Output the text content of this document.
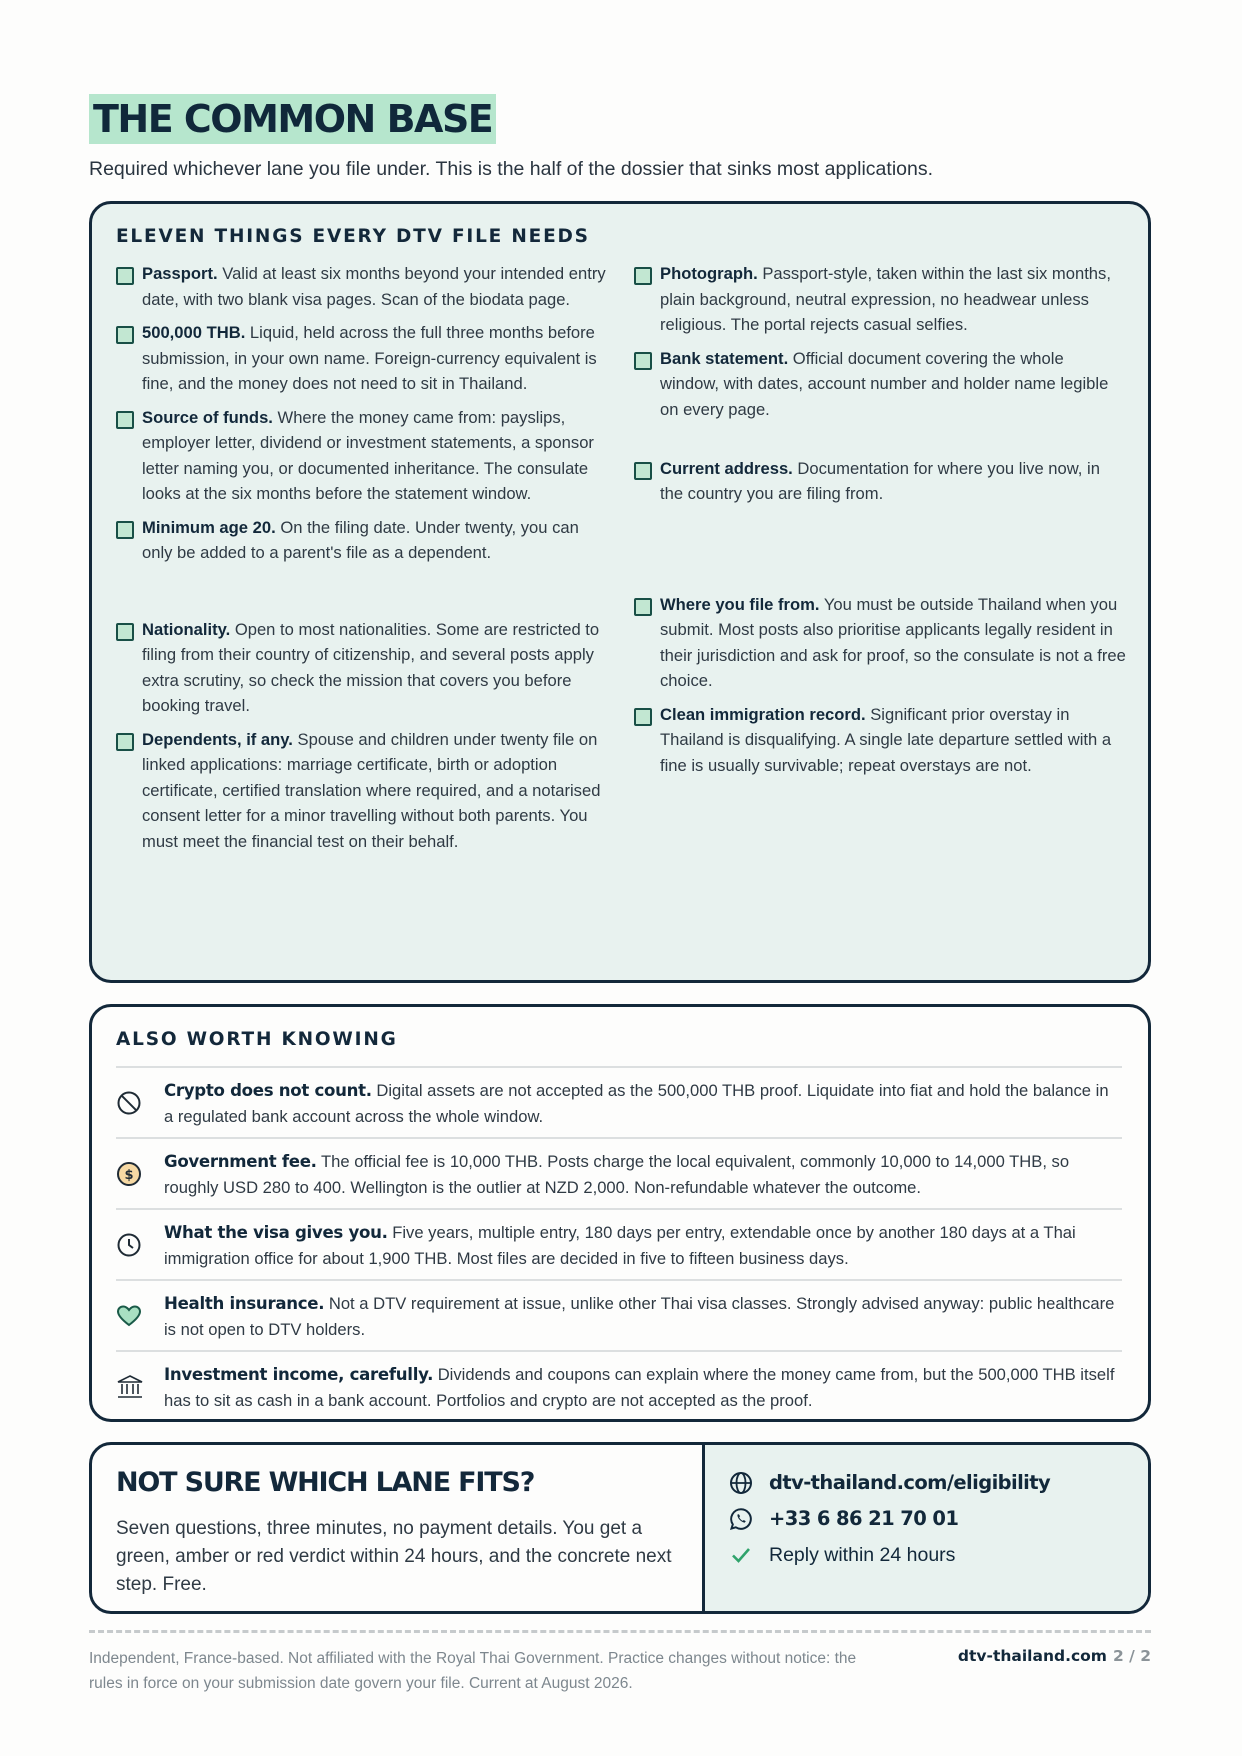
THE COMMON BASE
Required whichever lane you file under. This is the half of the dossier that sinks most applications.
ELEVEN THINGS EVERY DTV FILE NEEDS
Passport. Valid at least six months beyond your intended entry date, with two blank visa pages. Scan of the biodata page.
500,000 THB. Liquid, held across the full three months before submission, in your own name. Foreign-currency equivalent is fine, and the money does not need to sit in Thailand.
Source of funds. Where the money came from: payslips, employer letter, dividend or investment statements, a sponsor letter naming you, or documented inheritance. The consulate looks at the six months before the statement window.
Minimum age 20. On the filing date. Under twenty, you can only be added to a parent's file as a dependent.
Nationality. Open to most nationalities. Some are restricted to filing from their country of citizenship, and several posts apply extra scrutiny, so check the mission that covers you before booking travel.
Dependents, if any. Spouse and children under twenty file on linked applications: marriage certificate, birth or adoption certificate, certified translation where required, and a notarised consent letter for a minor travelling without both parents. You must meet the financial test on their behalf.
Photograph. Passport-style, taken within the last six months, plain background, neutral expression, no headwear unless religious. The portal rejects casual selfies.
Bank statement. Official document covering the whole window, with dates, account number and holder name legible on every page.
Current address. Documentation for where you live now, in the country you are filing from.
Where you file from. You must be outside Thailand when you submit. Most posts also prioritise applicants legally resident in their jurisdiction and ask for proof, so the consulate is not a free choice.
Clean immigration record. Significant prior overstay in Thailand is disqualifying. A single late departure settled with a fine is usually survivable; repeat overstays are not.
ALSO WORTH KNOWING
Crypto does not count. Digital assets are not accepted as the 500,000 THB proof. Liquidate into fiat and hold the balance in a regulated bank account across the whole window.
$
Government fee. The official fee is 10,000 THB. Posts charge the local equivalent, commonly 10,000 to 14,000 THB, so roughly USD 280 to 400. Wellington is the outlier at NZD 2,000. Non-refundable whatever the outcome.
What the visa gives you. Five years, multiple entry, 180 days per entry, extendable once by another 180 days at a Thai immigration office for about 1,900 THB. Most files are decided in five to fifteen business days.
Health insurance. Not a DTV requirement at issue, unlike other Thai visa classes. Strongly advised anyway: public healthcare is not open to DTV holders.
Investment income, carefully. Dividends and coupons can explain where the money came from, but the 500,000 THB itself has to sit as cash in a bank account. Portfolios and crypto are not accepted as the proof.
NOT SURE WHICH LANE FITS?
Seven questions, three minutes, no payment details. You get a green, amber or red verdict within 24 hours, and the concrete next step. Free.
dtv-thailand.com/eligibility
+33 6 86 21 70 01
Reply within 24 hours
Independent, France-based. Not affiliated with the Royal Thai Government. Practice changes without notice: the rules in force on your submission date govern your file. Current at August 2026.
dtv-thailand.com 2 / 2
